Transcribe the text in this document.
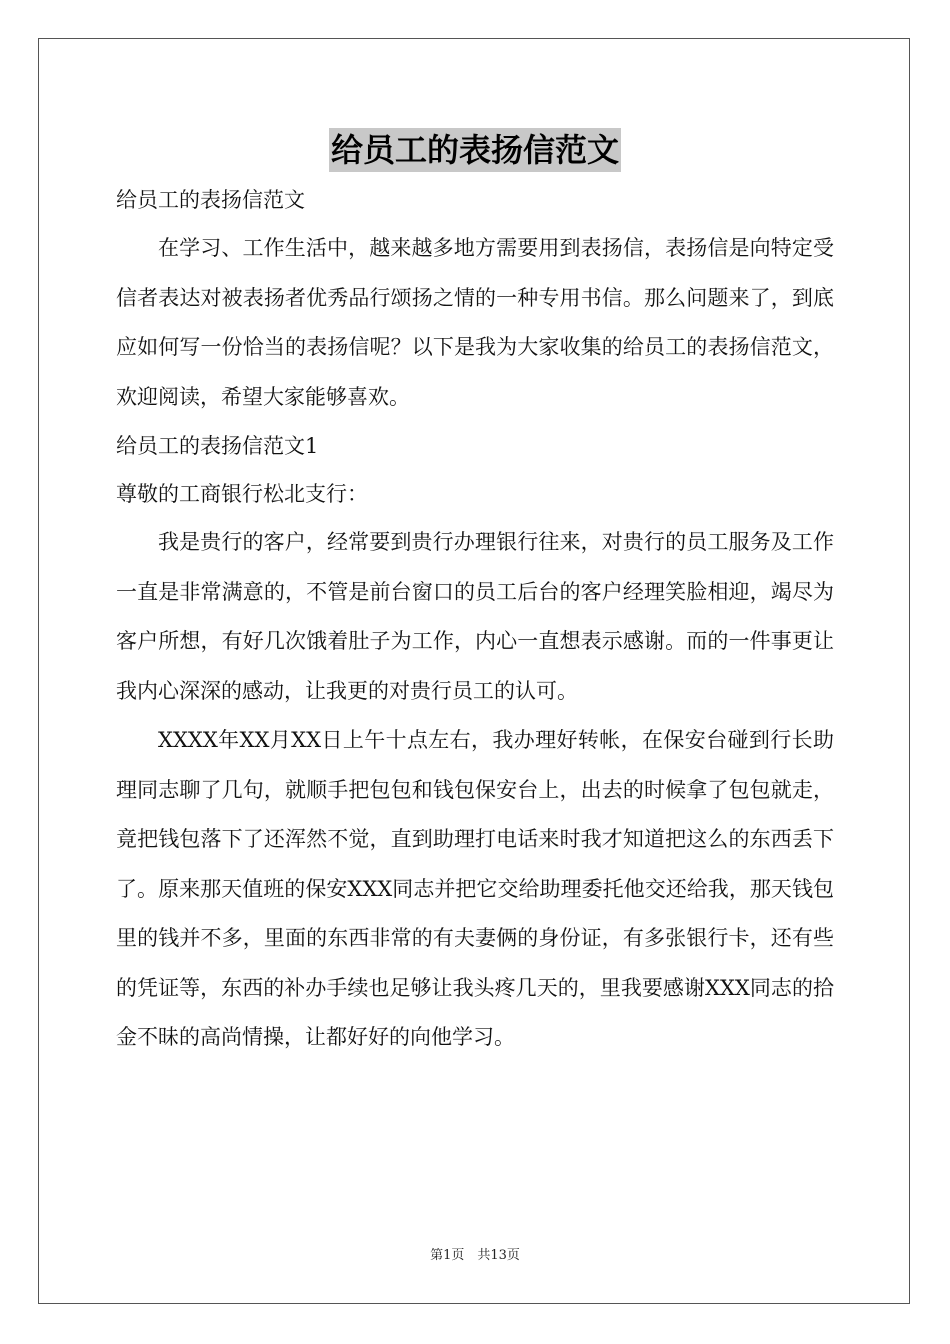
给员工的表扬信范文

给员工的表扬信范文

在学习、工作生活中，越来越多地方需要用到表扬信，表扬信是向特定受信者表达对被表扬者优秀品行颂扬之情的一种专用书信。那么问题来了，到底应如何写一份恰当的表扬信呢？以下是我为大家收集的给员工的表扬信范文，欢迎阅读，希望大家能够喜欢。

给员工的表扬信范文1

尊敬的工商银行松北支行：

我是贵行的客户，经常要到贵行办理银行往来，对贵行的员工服务及工作一直是非常满意的，不管是前台窗口的员工后台的客户经理笑脸相迎，竭尽为客户所想，有好几次饿着肚子为工作，内心一直想表示感谢。而的一件事更让我内心深深的感动，让我更的对贵行员工的认可。

XXXX年XX月XX日上午十点左右，我办理好转帐，在保安台碰到行长助理同志聊了几句，就顺手把包包和钱包保安台上，出去的时候拿了包包就走，竟把钱包落下了还浑然不觉，直到助理打电话来时我才知道把这么的东西丢下了。原来那天值班的保安XXX同志并把它交给助理委托他交还给我，那天钱包里的钱并不多，里面的东西非常的有夫妻俩的身份证，有多张银行卡，还有些的凭证等，东西的补办手续也足够让我头疼几天的，里我要感谢XXX同志的拾金不昧的高尚情操，让都好好的向他学习。

第1页　共13页
